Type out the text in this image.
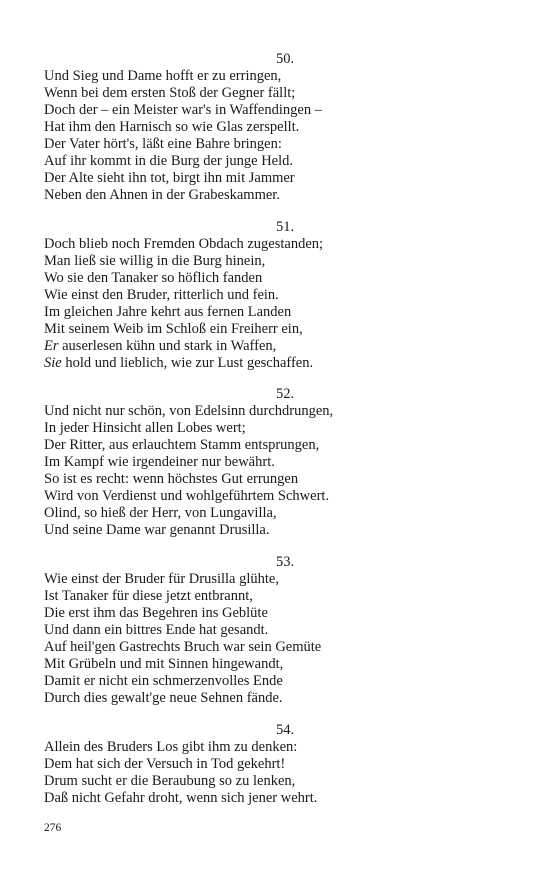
50.
Und Sieg und Dame hofft er zu erringen,
Wenn bei dem ersten Stoß der Gegner fällt;
Doch der – ein Meister war's in Waffendingen –
Hat ihm den Harnisch so wie Glas zerspellt.
Der Vater hört's, läßt eine Bahre bringen:
Auf ihr kommt in die Burg der junge Held.
Der Alte sieht ihn tot, birgt ihn mit Jammer
Neben den Ahnen in der Grabeskammer.
51.
Doch blieb noch Fremden Obdach zugestanden;
Man ließ sie willig in die Burg hinein,
Wo sie den Tanaker so höflich fanden
Wie einst den Bruder, ritterlich und fein.
Im gleichen Jahre kehrt aus fernen Landen
Mit seinem Weib im Schloß ein Freiherr ein,
Er auserlesen kühn und stark in Waffen,
Sie hold und lieblich, wie zur Lust geschaffen.
52.
Und nicht nur schön, von Edelsinn durchdrungen,
In jeder Hinsicht allen Lobes wert;
Der Ritter, aus erlauchtem Stamm entsprungen,
Im Kampf wie irgendeiner nur bewährt.
So ist es recht: wenn höchstes Gut errungen
Wird von Verdienst und wohlgeführtem Schwert.
Olind, so hieß der Herr, von Lungavilla,
Und seine Dame war genannt Drusilla.
53.
Wie einst der Bruder für Drusilla glühte,
Ist Tanaker für diese jetzt entbrannt,
Die erst ihm das Begehren ins Geblüte
Und dann ein bittres Ende hat gesandt.
Auf heil'gen Gastrechts Bruch war sein Gemüte
Mit Grübeln und mit Sinnen hingewandt,
Damit er nicht ein schmerzenvolles Ende
Durch dies gewalt'ge neue Sehnen fände.
54.
Allein des Bruders Los gibt ihm zu denken:
Dem hat sich der Versuch in Tod gekehrt!
Drum sucht er die Beraubung so zu lenken,
Daß nicht Gefahr droht, wenn sich jener wehrt.
276
